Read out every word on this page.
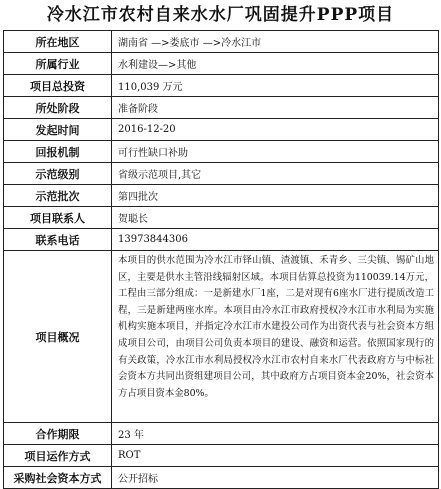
冷水江市农村自来水水厂巩固提升PPP项目
所在地区	湖南省 —>娄底市 —>冷水江市
所属行业	水利建设—>其他
项目总投资	110,039 万元
所处阶段	准备阶段
发起时间	2016-12-20
回报机制	可行性缺口补助
示范级别	省级示范项目,其它
示范批次	第四批次
项目联系人	贺聪长
联系电话	13973844306
项目概况	本项目的供水范围为冷水江市铎山镇、渣渡镇、禾青乡、三尖镇、锡矿山地区，主要是供水主管沿线辐射区域。本项目估算总投资为110039.14万元，工程由三部分组成：一是新建水厂1座，二是对现有6座水厂进行提质改造工程，三是新建两座水库。本项目由冷水江市政府授权冷水江市水利局为实施机构实施本项目，并指定冷水江市水建投公司作为出资代表与社会资本方组成项目公司，由项目公司负责本项目的建设、融资和运营。依照国家现行的有关政策，冷水江市水利局授权冷水江市农村自来水厂代表政府方与中标社会资本方共同出资组建项目公司，其中政府方占项目资本金20%，社会资本方占项目资本金80%。
合作期限	23 年
项目运作方式	ROT
采购社会资本方式	公开招标
